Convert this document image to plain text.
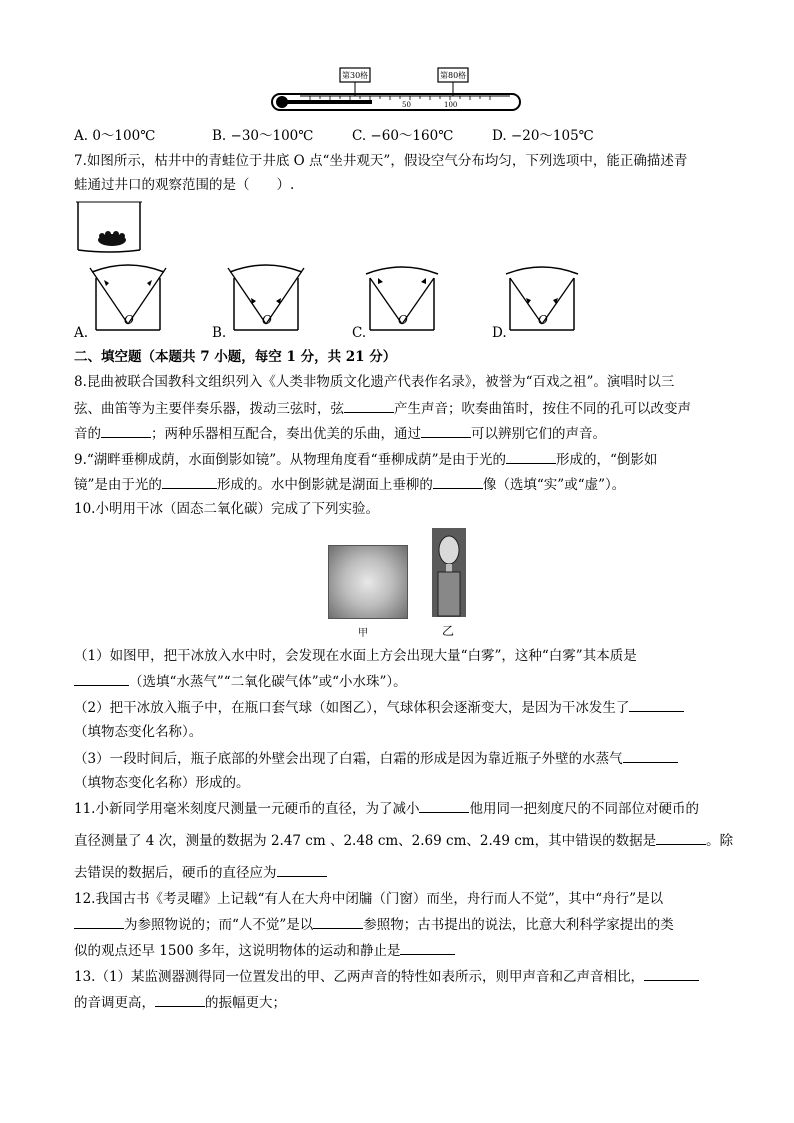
第30格	第80格
50	100
A. 0～100℃	B. −30～100℃	C. −60～160℃	D. −20～105℃
7.如图所示，枯井中的青蛙位于井底 O 点“坐井观天”，假设空气分布均匀，下列选项中，能正确描述青
蛙通过井口的观察范围的是（　　）.
A.	B.	C.	D.
O	O	O	O
二、填空题（本题共 7 小题，每空 1 分，共 21 分）
8.昆曲被联合国教科文组织列入《人类非物质文化遗产代表作名录》，被誉为“百戏之祖”。演唱时以三
弦、曲笛等为主要伴奏乐器，拨动三弦时，弦	产生声音；吹奏曲笛时，按住不同的孔可以改变声
音的	；两种乐器相互配合，奏出优美的乐曲，通过	可以辨别它们的声音。
9.“湖畔垂柳成荫，水面倒影如镜”。从物理角度看“垂柳成荫”是由于光的	形成的，“倒影如
镜”是由于光的	形成的。水中倒影就是湖面上垂柳的	像（选填“实”或“虚”）。
10.小明用干冰（固态二氧化碳）完成了下列实验。
甲	乙
（1）如图甲，把干冰放入水中时，会发现在水面上方会出现大量“白雾”，这种“白雾”其本质是
（选填“水蒸气”“二氧化碳气体”或“小水珠”）。
（2）把干冰放入瓶子中，在瓶口套气球（如图乙），气球体积会逐渐变大，是因为干冰发生了
（填物态变化名称）。
（3）一段时间后，瓶子底部的外壁会出现了白霜，白霜的形成是因为靠近瓶子外壁的水蒸气
（填物态变化名称）形成的。
11.小新同学用毫米刻度尺测量一元硬币的直径，为了减小	他用同一把刻度尺的不同部位对硬币的
直径测量了 4 次，测量的数据为 2.47 cm 、2.48 cm、2.69 cm、2.49 cm，其中错误的数据是	。除
去错误的数据后，硬币的直径应为
12.我国古书《考灵曜》上记载“有人在大舟中闭牖（门窗）而坐，舟行而人不觉”，其中“舟行”是以
为参照物说的；而“人不觉”是以	参照物；古书提出的说法，比意大利科学家提出的类
似的观点还早 1500 多年，这说明物体的运动和静止是
13.（1）某监测器测得同一位置发出的甲、乙两声音的特性如表所示，则甲声音和乙声音相比，
的音调更高，	的振幅更大；
